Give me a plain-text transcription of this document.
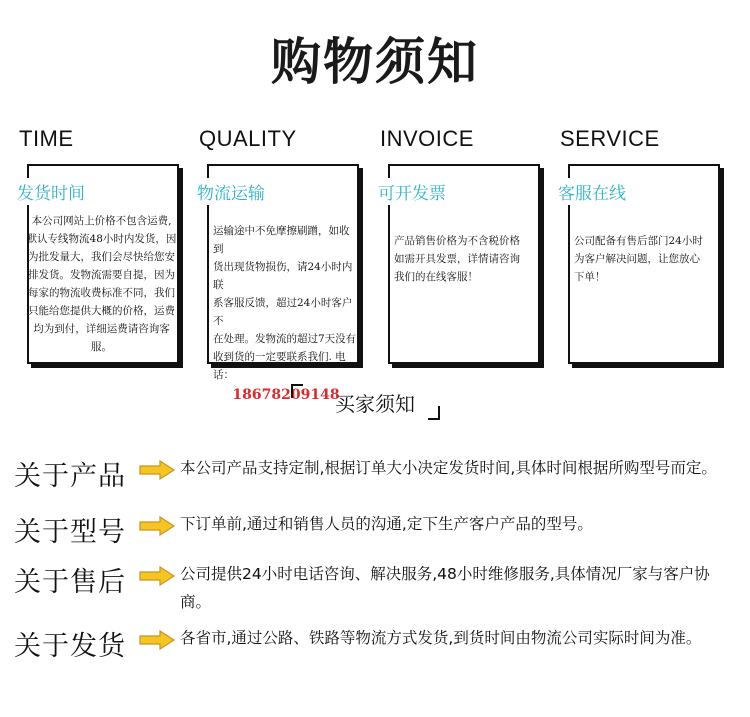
购物须知
TIME
发货时间
本公司网站上价格不包含运费,
默认专线物流48小时内发货，因
为批发量大，我们会尽快给您安
排发货。发物流需要自提，因为
每家的物流收费标准不同，我们
只能给您提供大概的价格，运费
均为到付，详细运费请咨询客
服。
QUALITY
物流运输
运输途中不免摩擦刷蹭，如收到
货出现货物损伤，请24小时内联
系客服反馈，超过24小时客户不
在处理。发物流的超过7天没有
收到货的一定要联系我们. 电话：
18678209148
INVOICE
可开发票
产品销售价格为不含税价格
如需开具发票，详情请咨询
我们的在线客服！
SERVICE
客服在线
公司配备有售后部门24小时
为客户解决问题，让您放心
下单！
买家须知
关于产品	本公司产品支持定制,根据订单大小决定发货时间,具体时间根据所购型号而定。
关于型号	下订单前,通过和销售人员的沟通,定下生产客户产品的型号。
关于售后	公司提供24小时电话咨询、解决服务,48小时维修服务,具体情况厂家与客户协商。
关于发货	各省市,通过公路、铁路等物流方式发货,到货时间由物流公司实际时间为准。
